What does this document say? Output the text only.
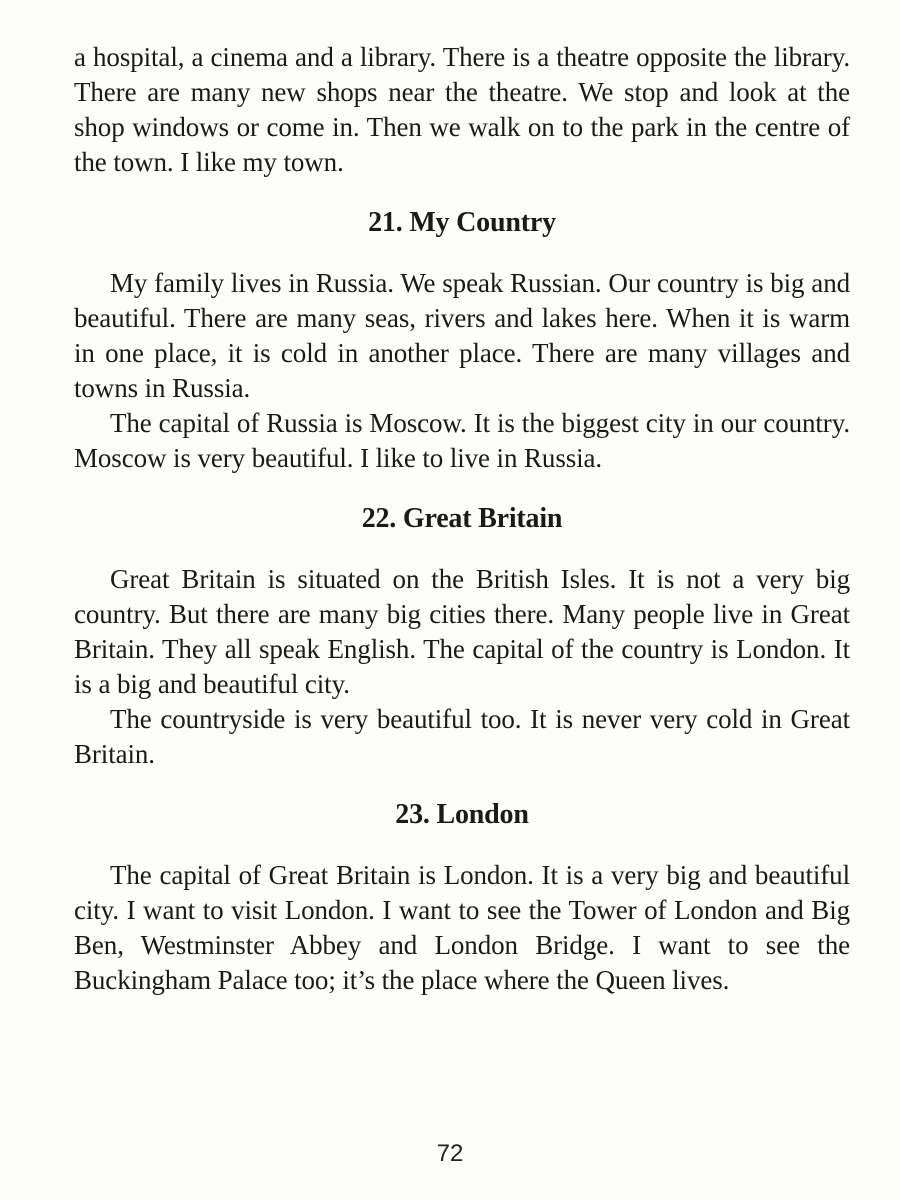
a hospital, a cinema and a library. There is a theatre opposite the library. There are many new shops near the theatre. We stop and look at the shop windows or come in. Then we walk on to the park in the centre of the town. I like my town.

21. My Country

My family lives in Russia. We speak Russian. Our country is big and beautiful. There are many seas, rivers and lakes here. When it is warm in one place, it is cold in another place. There are many villages and towns in Russia.

The capital of Russia is Moscow. It is the biggest city in our country. Moscow is very beautiful. I like to live in Russia.

22. Great Britain

Great Britain is situated on the British Isles. It is not a very big country. But there are many big cities there. Many people live in Great Britain. They all speak English. The capital of the country is London. It is a big and beautiful city.

The countryside is very beautiful too. It is never very cold in Great Britain.

23. London

The capital of Great Britain is London. It is a very big and beautiful city. I want to visit London. I want to see the Tower of London and Big Ben, Westminster Abbey and London Bridge. I want to see the Buckingham Palace too; it’s the place where the Queen lives.

72
